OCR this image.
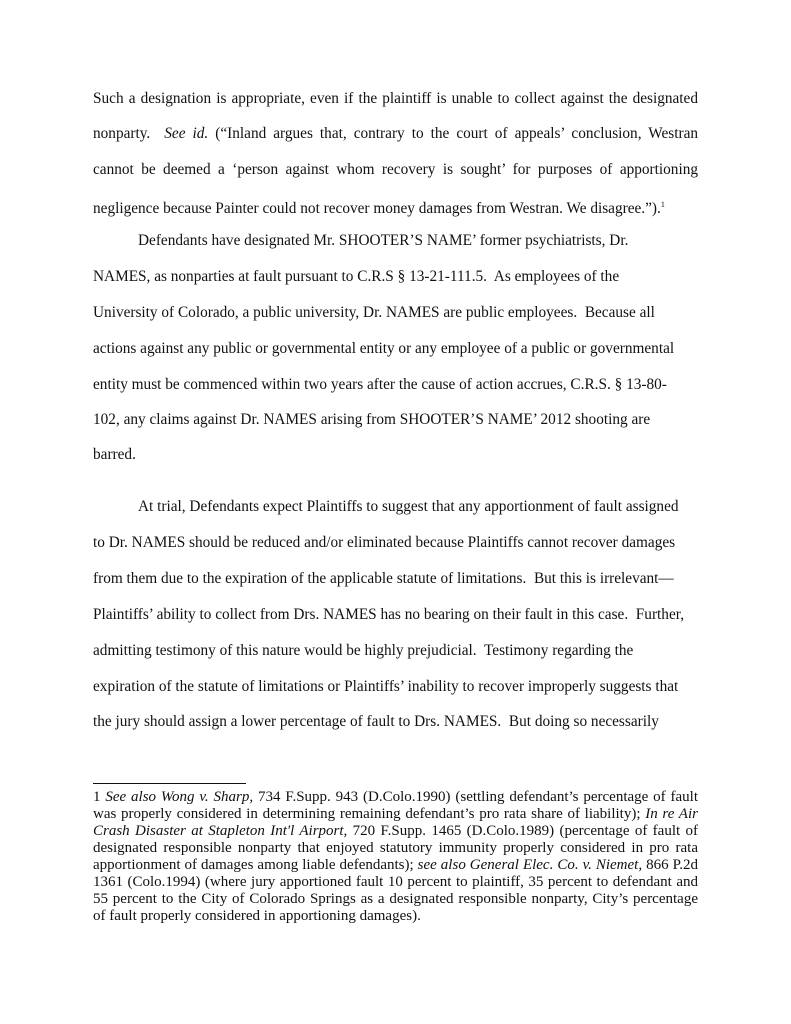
Such a designation is appropriate, even if the plaintiff is unable to collect against the designated
nonparty.  See id. (“Inland argues that, contrary to the court of appeals’ conclusion, Westran
cannot be deemed a ‘person against whom recovery is sought’ for purposes of apportioning
negligence because Painter could not recover money damages from Westran. We disagree.”).$^1$
Defendants have designated Mr. SHOOTER’S NAME’ former psychiatrists, Dr.
NAMES, as nonparties at fault pursuant to C.R.S § 13-21-111.5.  As employees of the
University of Colorado, a public university, Dr. NAMES are public employees.  Because all
actions against any public or governmental entity or any employee of a public or governmental
entity must be commenced within two years after the cause of action accrues, C.R.S. § 13-80-
102, any claims against Dr. NAMES arising from SHOOTER’S NAME’ 2012 shooting are
barred.
At trial, Defendants expect Plaintiffs to suggest that any apportionment of fault assigned
to Dr. NAMES should be reduced and/or eliminated because Plaintiffs cannot recover damages
from them due to the expiration of the applicable statute of limitations.  But this is irrelevant—
Plaintiffs’ ability to collect from Drs. NAMES has no bearing on their fault in this case.  Further,
admitting testimony of this nature would be highly prejudicial.  Testimony regarding the
expiration of the statute of limitations or Plaintiffs’ inability to recover improperly suggests that
the jury should assign a lower percentage of fault to Drs. NAMES.  But doing so necessarily
1 See also Wong v. Sharp, 734 F.Supp. 943 (D.Colo.1990) (settling defendant’s percentage of fault was properly considered in determining remaining defendant’s pro rata share of liability); In re Air Crash Disaster at Stapleton Int'l Airport, 720 F.Supp. 1465 (D.Colo.1989) (percentage of fault of designated responsible nonparty that enjoyed statutory immunity properly considered in pro rata apportionment of damages among liable defendants); see also General Elec. Co. v. Niemet, 866 P.2d 1361 (Colo.1994) (where jury apportioned fault 10 percent to plaintiff, 35 percent to defendant and 55 percent to the City of Colorado Springs as a designated responsible nonparty, City’s percentage of fault properly considered in apportioning damages).
